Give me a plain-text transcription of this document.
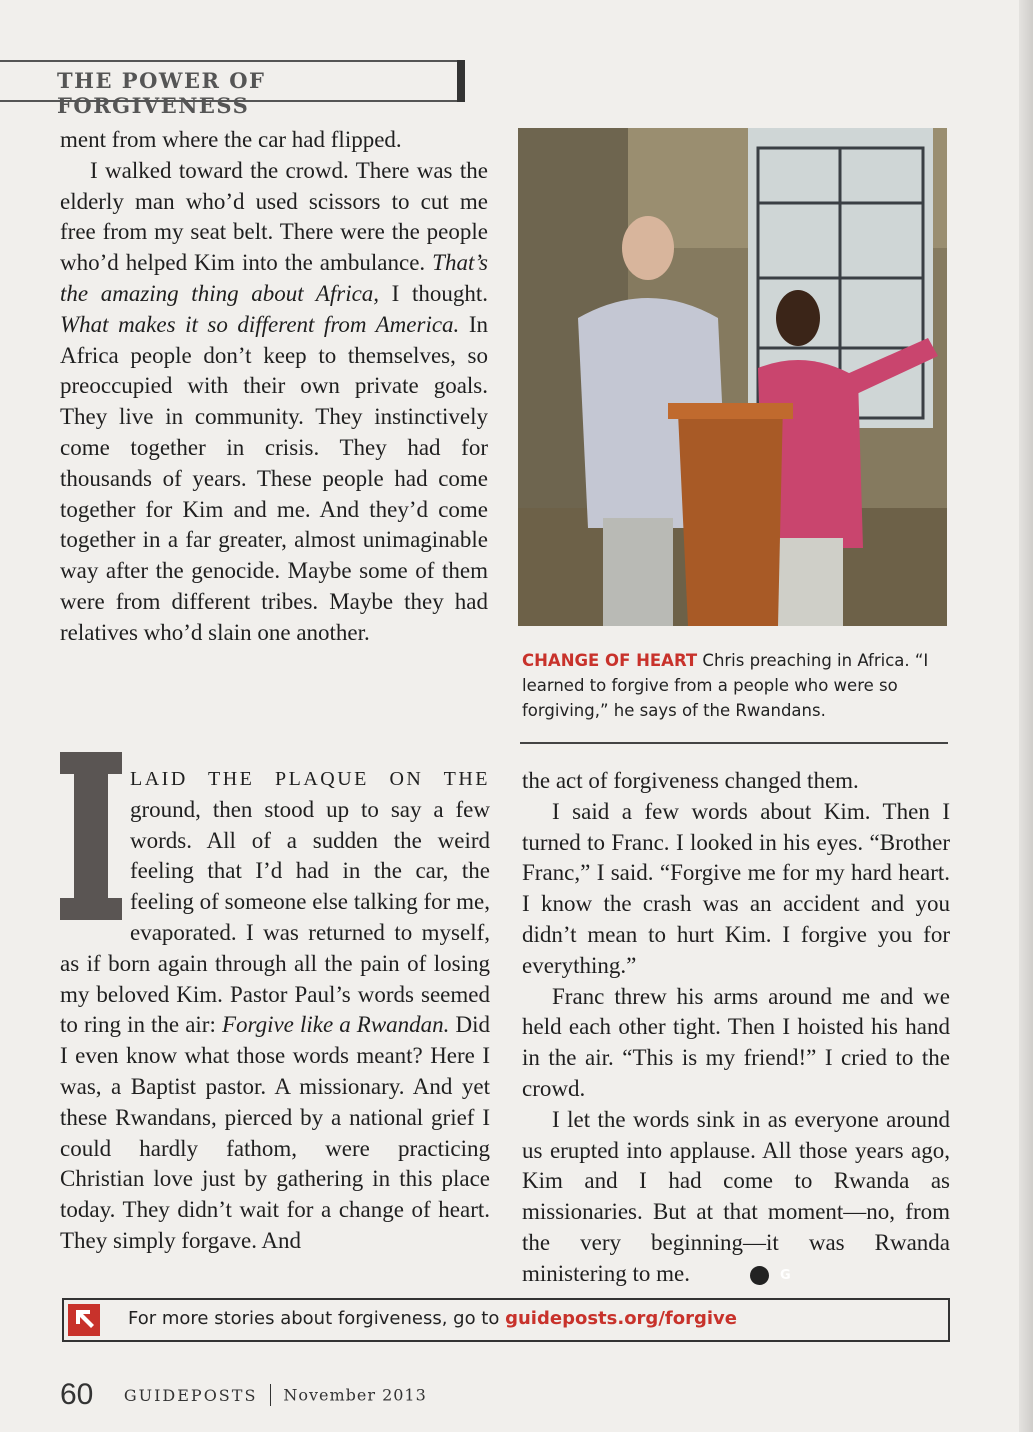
THE POWER OF FORGIVENESS

ment from where the car had flipped.

I walked toward the crowd. There was the elderly man who’d used scissors to cut me free from my seat belt. There were the people who’d helped Kim into the ambulance. That’s the amazing thing about Africa, I thought. What makes it so different from America. In Africa people don’t keep to themselves, so preoccupied with their own private goals. They live in community. They instinctively come together in crisis. They had for thousands of years. These people had come together for Kim and me. And they’d come together in a far greater, almost unimaginable way after the genocide. Maybe some of them were from different tribes. Maybe they had relatives who’d slain one another.

CHANGE OF HEART Chris preaching in Africa. “I learned to forgive from a people who were so forgiving,” he says of the Rwandans.

LAID THE PLAQUE ON THE ground, then stood up to say a few words. All of a sudden the weird feeling that I’d had in the car, the feeling of someone else talking for me, evaporated. I was returned to myself, as if born again through all the pain of losing my beloved Kim. Pastor Paul’s words seemed to ring in the air: Forgive like a Rwandan. Did I even know what those words meant? Here I was, a Baptist pastor. A missionary. And yet these Rwandans, pierced by a national grief I could hardly fathom, were practicing Christian love just by gathering in this place today. They didn’t wait for a change of heart. They simply forgave. And

the act of forgiveness changed them.

I said a few words about Kim. Then I turned to Franc. I looked in his eyes. “Brother Franc,” I said. “Forgive me for my hard heart. I know the crash was an accident and you didn’t mean to hurt Kim. I forgive you for everything.”

Franc threw his arms around me and we held each other tight. Then I hoisted his hand in the air. “This is my friend!” I cried to the crowd.

I let the words sink in as everyone around us erupted into applause. All those years ago, Kim and I had come to Rwanda as missionaries. But at that moment—no, from the very beginning—it was Rwanda ministering to me.	G

For more stories about forgiveness, go to guideposts.org/forgive
60 GUIDEPOSTS November 2013
